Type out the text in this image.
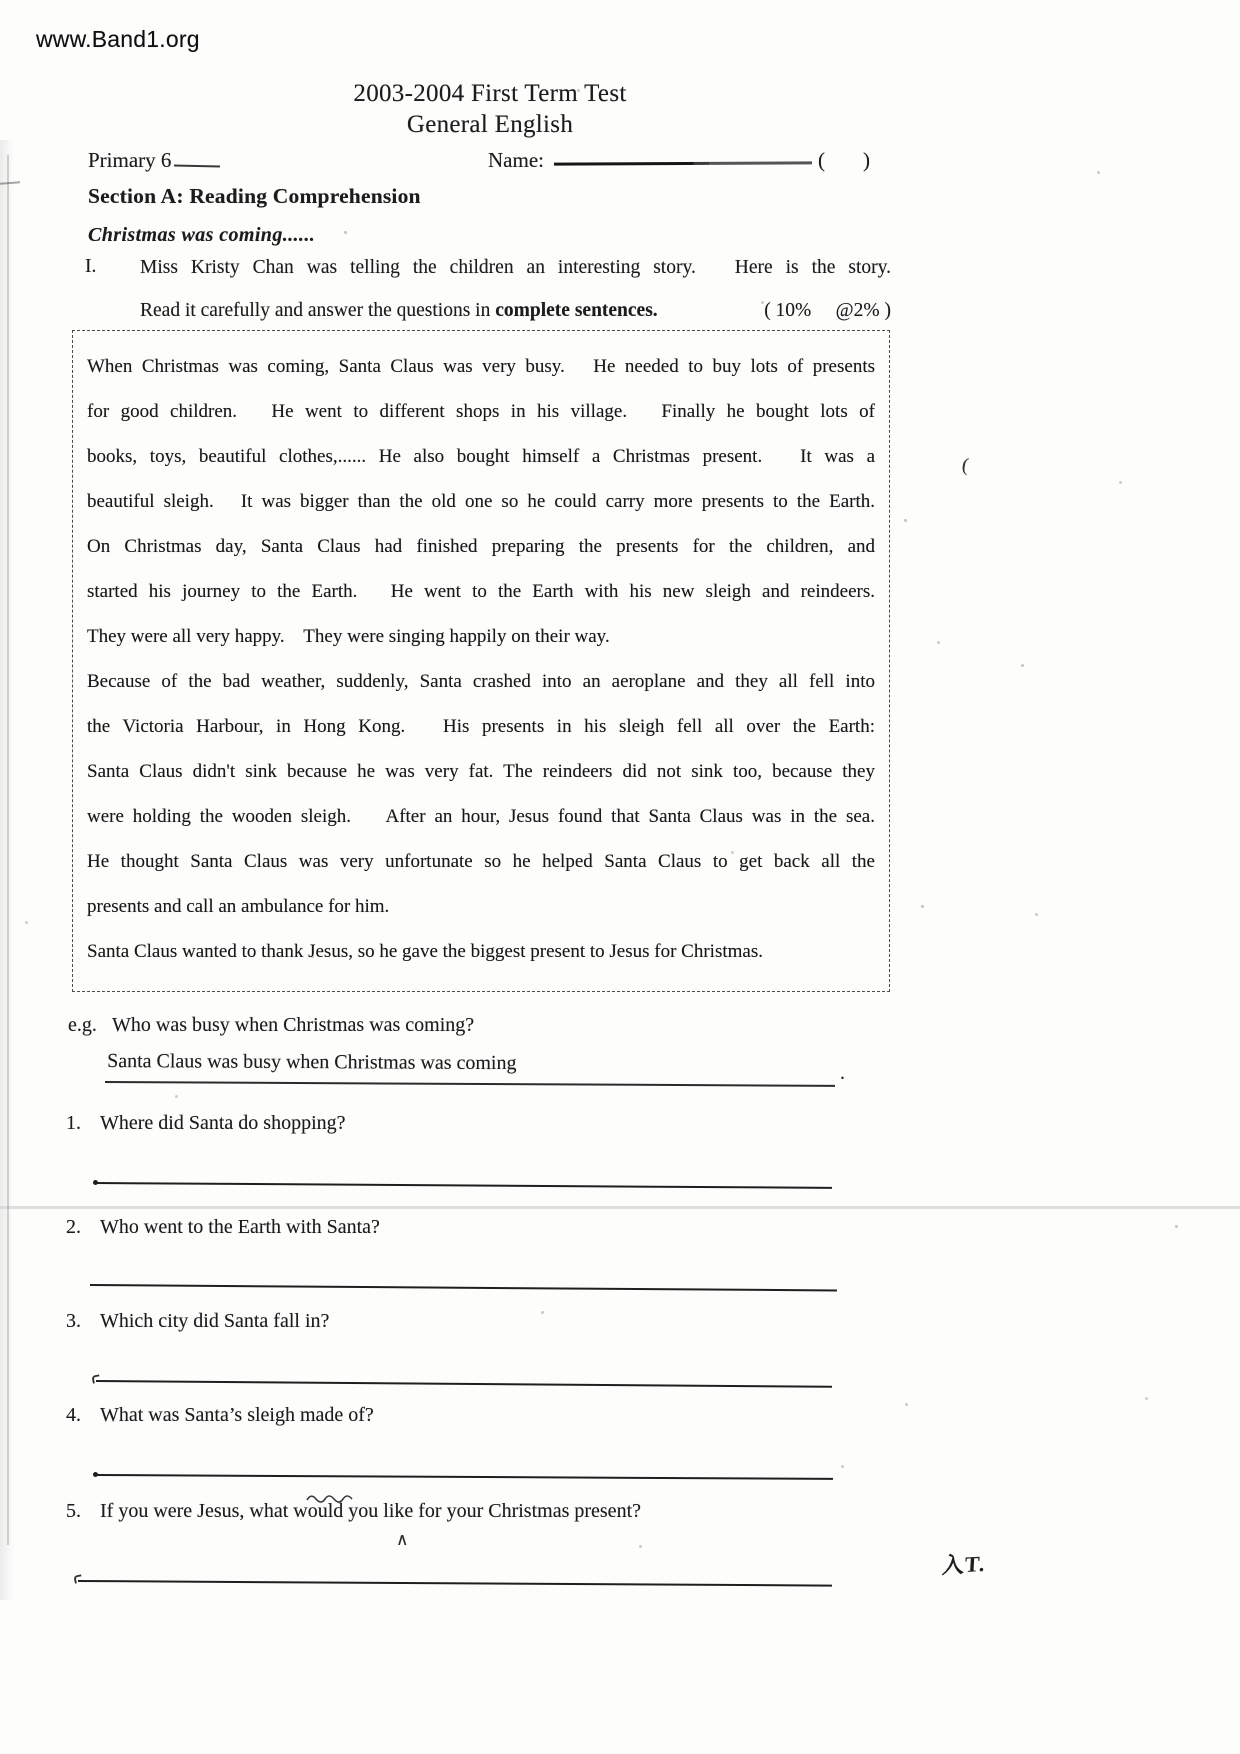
www.Band1.org
2003-2004 First Term Test
General English
Primary 6	Name:	( )
Section A: Reading Comprehension
Christmas was coming......
I.	Miss Kristy Chan was telling the children an interesting story.   Here is the story.
Read it carefully and answer the questions in complete sentences.	( 10%     @2% )
When Christmas was coming, Santa Claus was very busy.   He needed to buy lots of presents
for good children.   He went to different shops in his village.   Finally he bought lots of
books, toys, beautiful clothes,...... He also bought himself a Christmas present.   It was a
beautiful sleigh.   It was bigger than the old one so he could carry more presents to the Earth.
On Christmas day, Santa Claus had finished preparing the presents for the children, and
started his journey to the Earth.   He went to the Earth with his new sleigh and reindeers.
They were all very happy.    They were singing happily on their way.
Because of the bad weather, suddenly, Santa crashed into an aeroplane and they all fell into
the Victoria Harbour, in Hong Kong.   His presents in his sleigh fell all over the Earth:
Santa Claus didn't sink because he was very fat. The reindeers did not sink too, because they
were holding the wooden sleigh.    After an hour, Jesus found that Santa Claus was in the sea.
He thought Santa Claus was very unfortunate so he helped Santa Claus to get back all the
presents and call an ambulance for him.
Santa Claus wanted to thank Jesus, so he gave the biggest present to Jesus for Christmas.
e.g. Who was busy when Christmas was coming?
Santa Claus was busy when Christmas was coming	.
1. Where did Santa do shopping?
2. Who went to the Earth with Santa?
3. Which city did Santa fall in?
4. What was Santa’s sleigh made of?
5. If you were Jesus, what would you like for your Christmas present?
(
∧
入T.
